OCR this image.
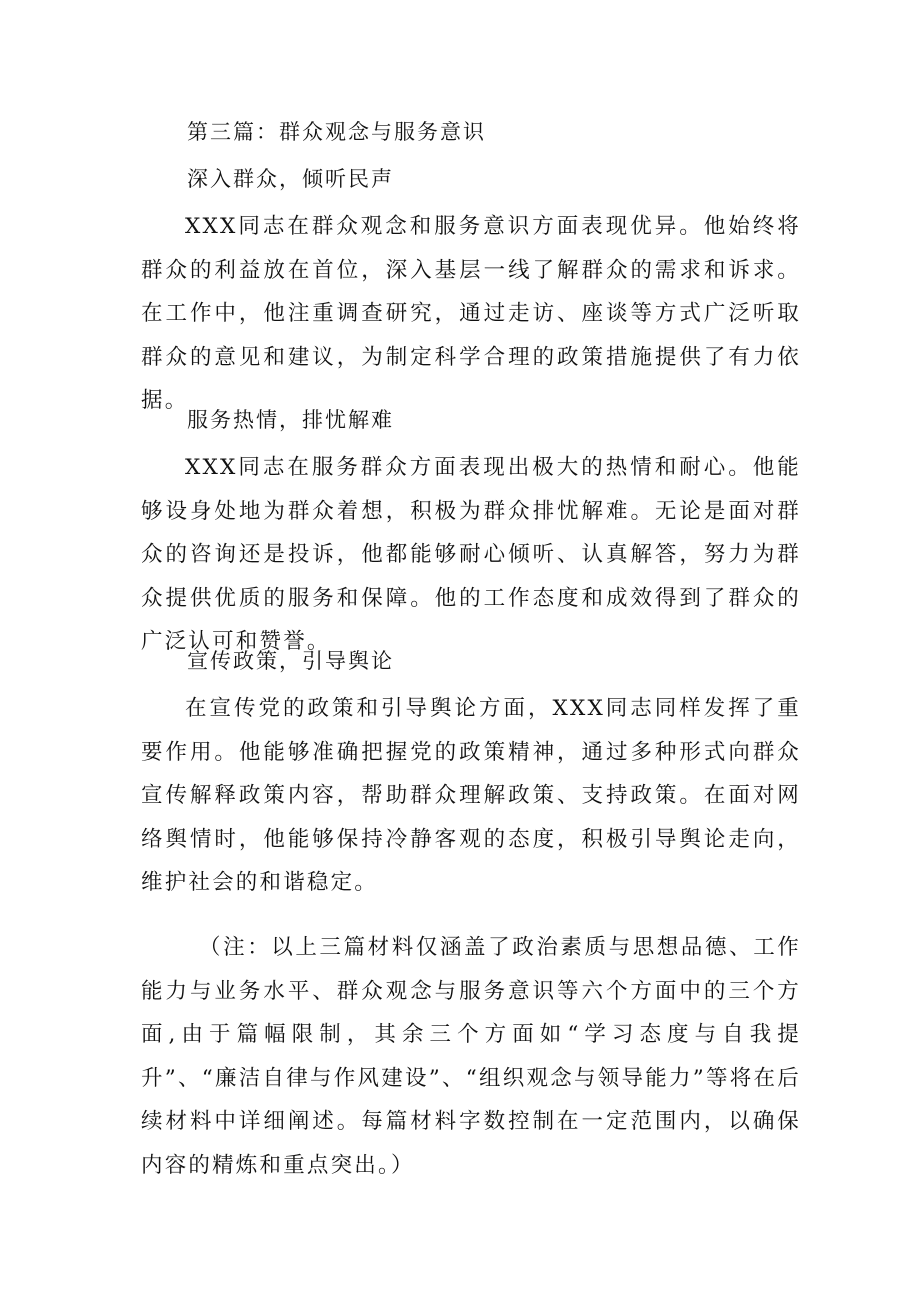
第三篇：群众观念与服务意识
深入群众，倾听民声

XXX同志在群众观念和服务意识方面表现优异。他始终将群众的利益放在首位，深入基层一线了解群众的需求和诉求。在工作中，他注重调查研究，通过走访、座谈等方式广泛听取群众的意见和建议，为制定科学合理的政策措施提供了有力依据。

服务热情，排忧解难

XXX同志在服务群众方面表现出极大的热情和耐心。他能够设身处地为群众着想，积极为群众排忧解难。无论是面对群众的咨询还是投诉，他都能够耐心倾听、认真解答，努力为群众提供优质的服务和保障。他的工作态度和成效得到了群众的广泛认可和赞誉。

宣传政策，引导舆论

在宣传党的政策和引导舆论方面，XXX同志同样发挥了重要作用。他能够准确把握党的政策精神，通过多种形式向群众宣传解释政策内容，帮助群众理解政策、支持政策。在面对网络舆情时，他能够保持冷静客观的态度，积极引导舆论走向，维护社会的和谐稳定。

（注：以上三篇材料仅涵盖了政治素质与思想品德、工作能力与业务水平、群众观念与服务意识等六个方面中的三个方面,由于篇幅限制，其余三个方面如“学习态度与自我提升”、“廉洁自律与作风建设”、“组织观念与领导能力”等将在后续材料中详细阐述。每篇材料字数控制在一定范围内，以确保内容的精炼和重点突出。）
